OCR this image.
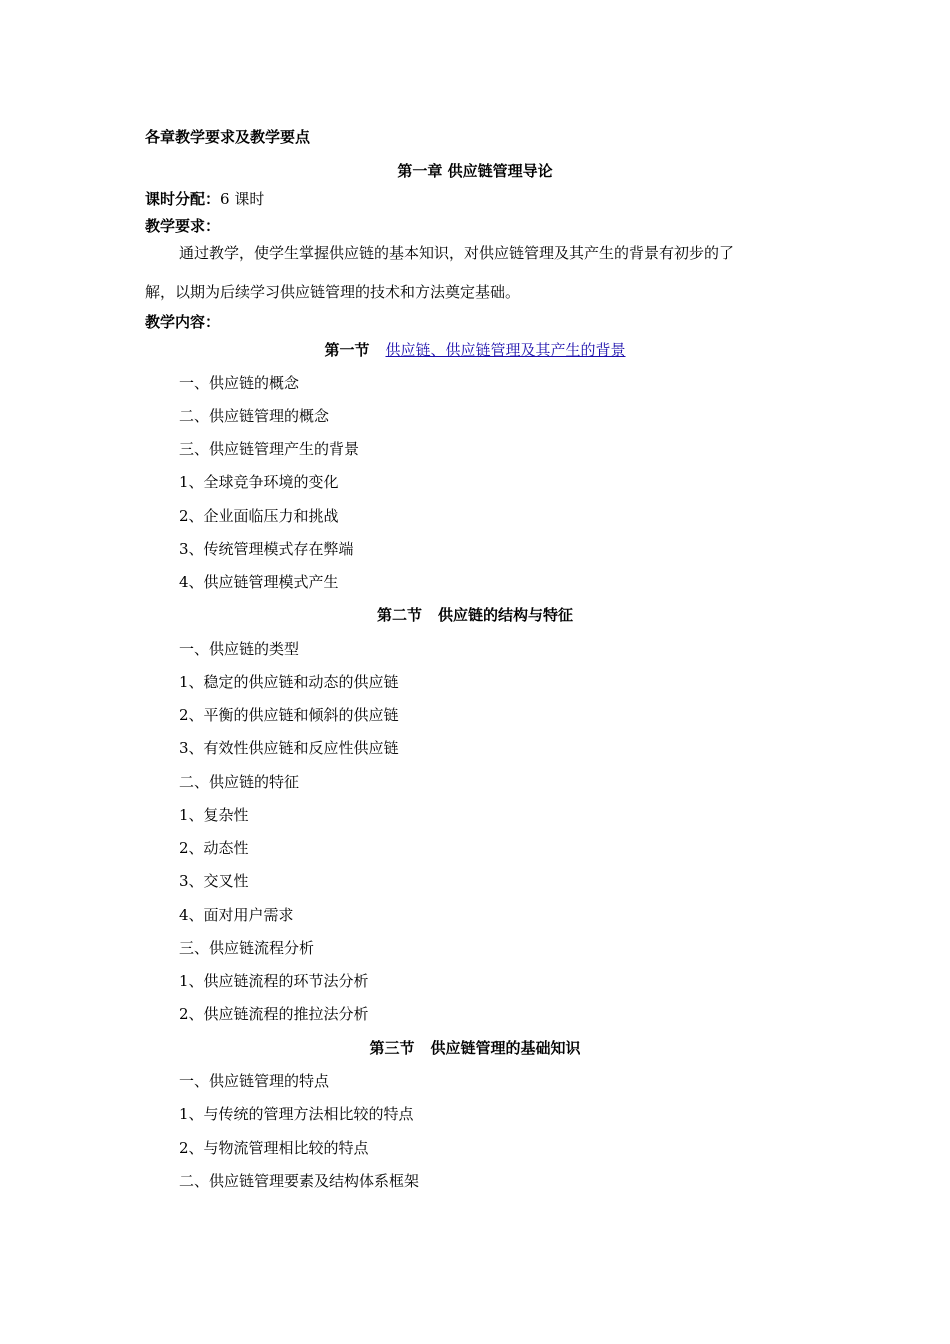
各章教学要求及教学要点
第一章 供应链管理导论
课时分配：6 课时
教学要求：
通过教学，使学生掌握供应链的基本知识，对供应链管理及其产生的背景有初步的了
解，以期为后续学习供应链管理的技术和方法奠定基础。
教学内容：
第一节 供应链、供应链管理及其产生的背景
一、供应链的概念
二、供应链管理的概念
三、供应链管理产生的背景
1、全球竞争环境的变化
2、企业面临压力和挑战
3、传统管理模式存在弊端
4、供应链管理模式产生
第二节 供应链的结构与特征
一、供应链的类型
1、稳定的供应链和动态的供应链
2、平衡的供应链和倾斜的供应链
3、有效性供应链和反应性供应链
二、供应链的特征
1、复杂性
2、动态性
3、交叉性
4、面对用户需求
三、供应链流程分析
1、供应链流程的环节法分析
2、供应链流程的推拉法分析
第三节 供应链管理的基础知识
一、供应链管理的特点
1、与传统的管理方法相比较的特点
2、与物流管理相比较的特点
二、供应链管理要素及结构体系框架
